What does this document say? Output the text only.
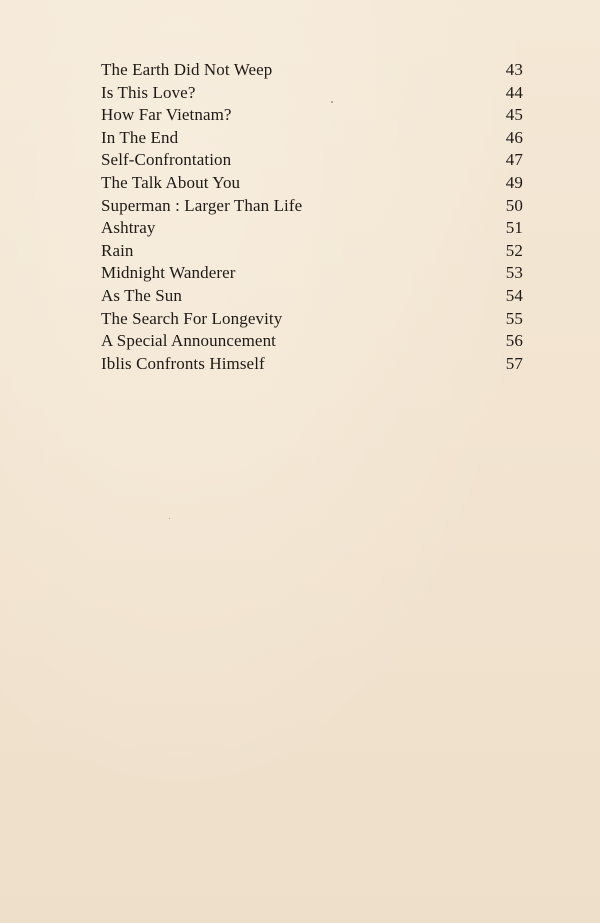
The Earth Did Not Weep	43
Is This Love?	44
How Far Vietnam?	45
In The End	46
Self-Confrontation	47
The Talk About You	49
Superman : Larger Than Life	50
Ashtray	51
Rain	52
Midnight Wanderer	53
As The Sun	54
The Search For Longevity	55
A Special Announcement	56
Iblis Confronts Himself	57
